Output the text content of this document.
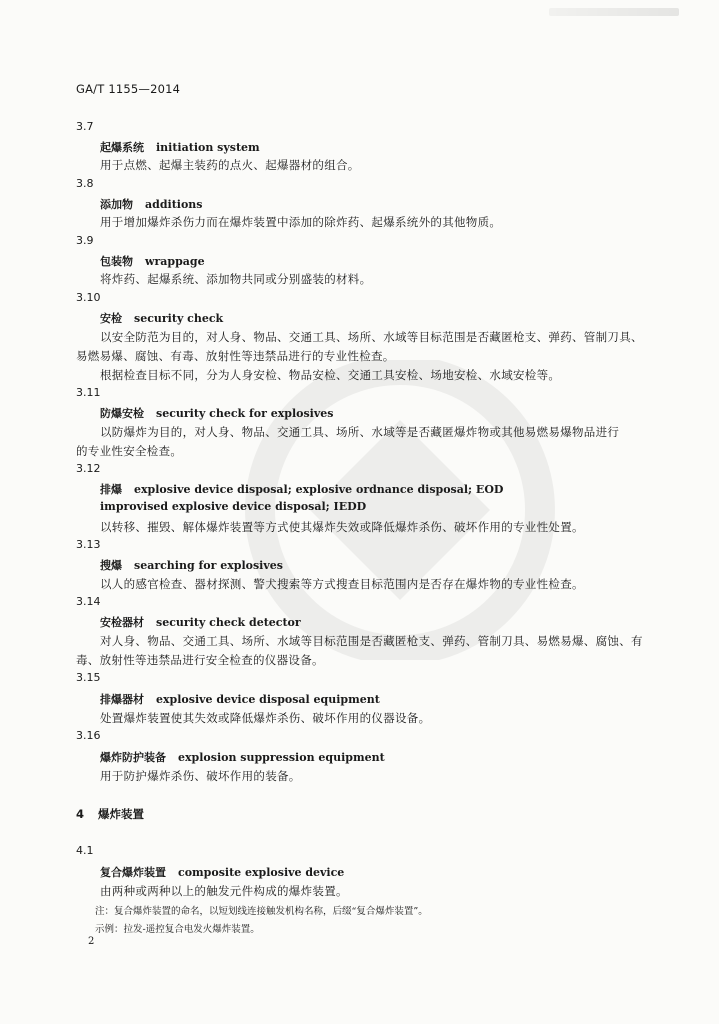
GA/T 1155—2014
3.7
起爆系统 initiation system
用于点燃、起爆主装药的点火、起爆器材的组合。
3.8
添加物 additions
用于增加爆炸杀伤力而在爆炸装置中添加的除炸药、起爆系统外的其他物质。
3.9
包装物 wrappage
将炸药、起爆系统、添加物共同或分别盛装的材料。
3.10
安检 security check
以安全防范为目的，对人身、物品、交通工具、场所、水域等目标范围是否藏匿枪支、弹药、管制刀具、
易燃易爆、腐蚀、有毒、放射性等违禁品进行的专业性检查。
根据检查目标不同，分为人身安检、物品安检、交通工具安检、场地安检、水域安检等。
3.11
防爆安检 security check for explosives
以防爆炸为目的，对人身、物品、交通工具、场所、水域等是否藏匿爆炸物或其他易燃易爆物品进行
的专业性安全检查。
3.12
排爆 explosive device disposal; explosive ordnance disposal; EOD
improvised explosive device disposal; IEDD
以转移、摧毁、解体爆炸装置等方式使其爆炸失效或降低爆炸杀伤、破坏作用的专业性处置。
3.13
搜爆 searching for explosives
以人的感官检查、器材探测、警犬搜索等方式搜查目标范围内是否存在爆炸物的专业性检查。
3.14
安检器材 security check detector
对人身、物品、交通工具、场所、水域等目标范围是否藏匿枪支、弹药、管制刀具、易燃易爆、腐蚀、有
毒、放射性等违禁品进行安全检查的仪器设备。
3.15
排爆器材 explosive device disposal equipment
处置爆炸装置使其失效或降低爆炸杀伤、破坏作用的仪器设备。
3.16
爆炸防护装备 explosion suppression equipment
用于防护爆炸杀伤、破坏作用的装备。
4 爆炸装置
4.1
复合爆炸装置 composite explosive device
由两种或两种以上的触发元件构成的爆炸装置。
注：复合爆炸装置的命名，以短划线连接触发机构名称，后缀“复合爆炸装置”。
示例：拉发-遥控复合电发火爆炸装置。
2
